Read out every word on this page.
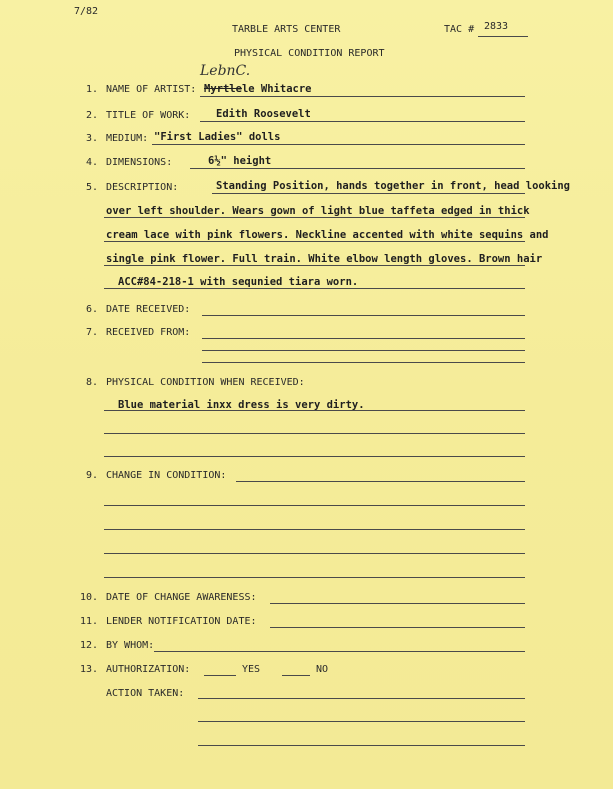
7/82
TARBLE ARTS CENTER	TAC # 2833
PHYSICAL CONDITION REPORT
LebnC.
1. NAME OF ARTIST: Myrtlele Whitacre
2. TITLE OF WORK: Edith Roosevelt
3. MEDIUM: "First Ladies" dolls
4. DIMENSIONS:	6½" height
5. DESCRIPTION:	Standing Position, hands together in front, head looking
over left shoulder. Wears gown of light blue taffeta edged in thick
cream lace with pink flowers. Neckline accented with white sequins and
single pink flower. Full train. White elbow length gloves. Brown hair
ACC#84-218-1 with sequnied tiara worn.
6. DATE RECEIVED:
7. RECEIVED FROM:
8. PHYSICAL CONDITION WHEN RECEIVED:
Blue material inxx dress is very dirty.
9. CHANGE IN CONDITION:
10. DATE OF CHANGE AWARENESS:
11. LENDER NOTIFICATION DATE:
12. BY WHOM:
13. AUTHORIZATION:	YES	NO
ACTION TAKEN:
